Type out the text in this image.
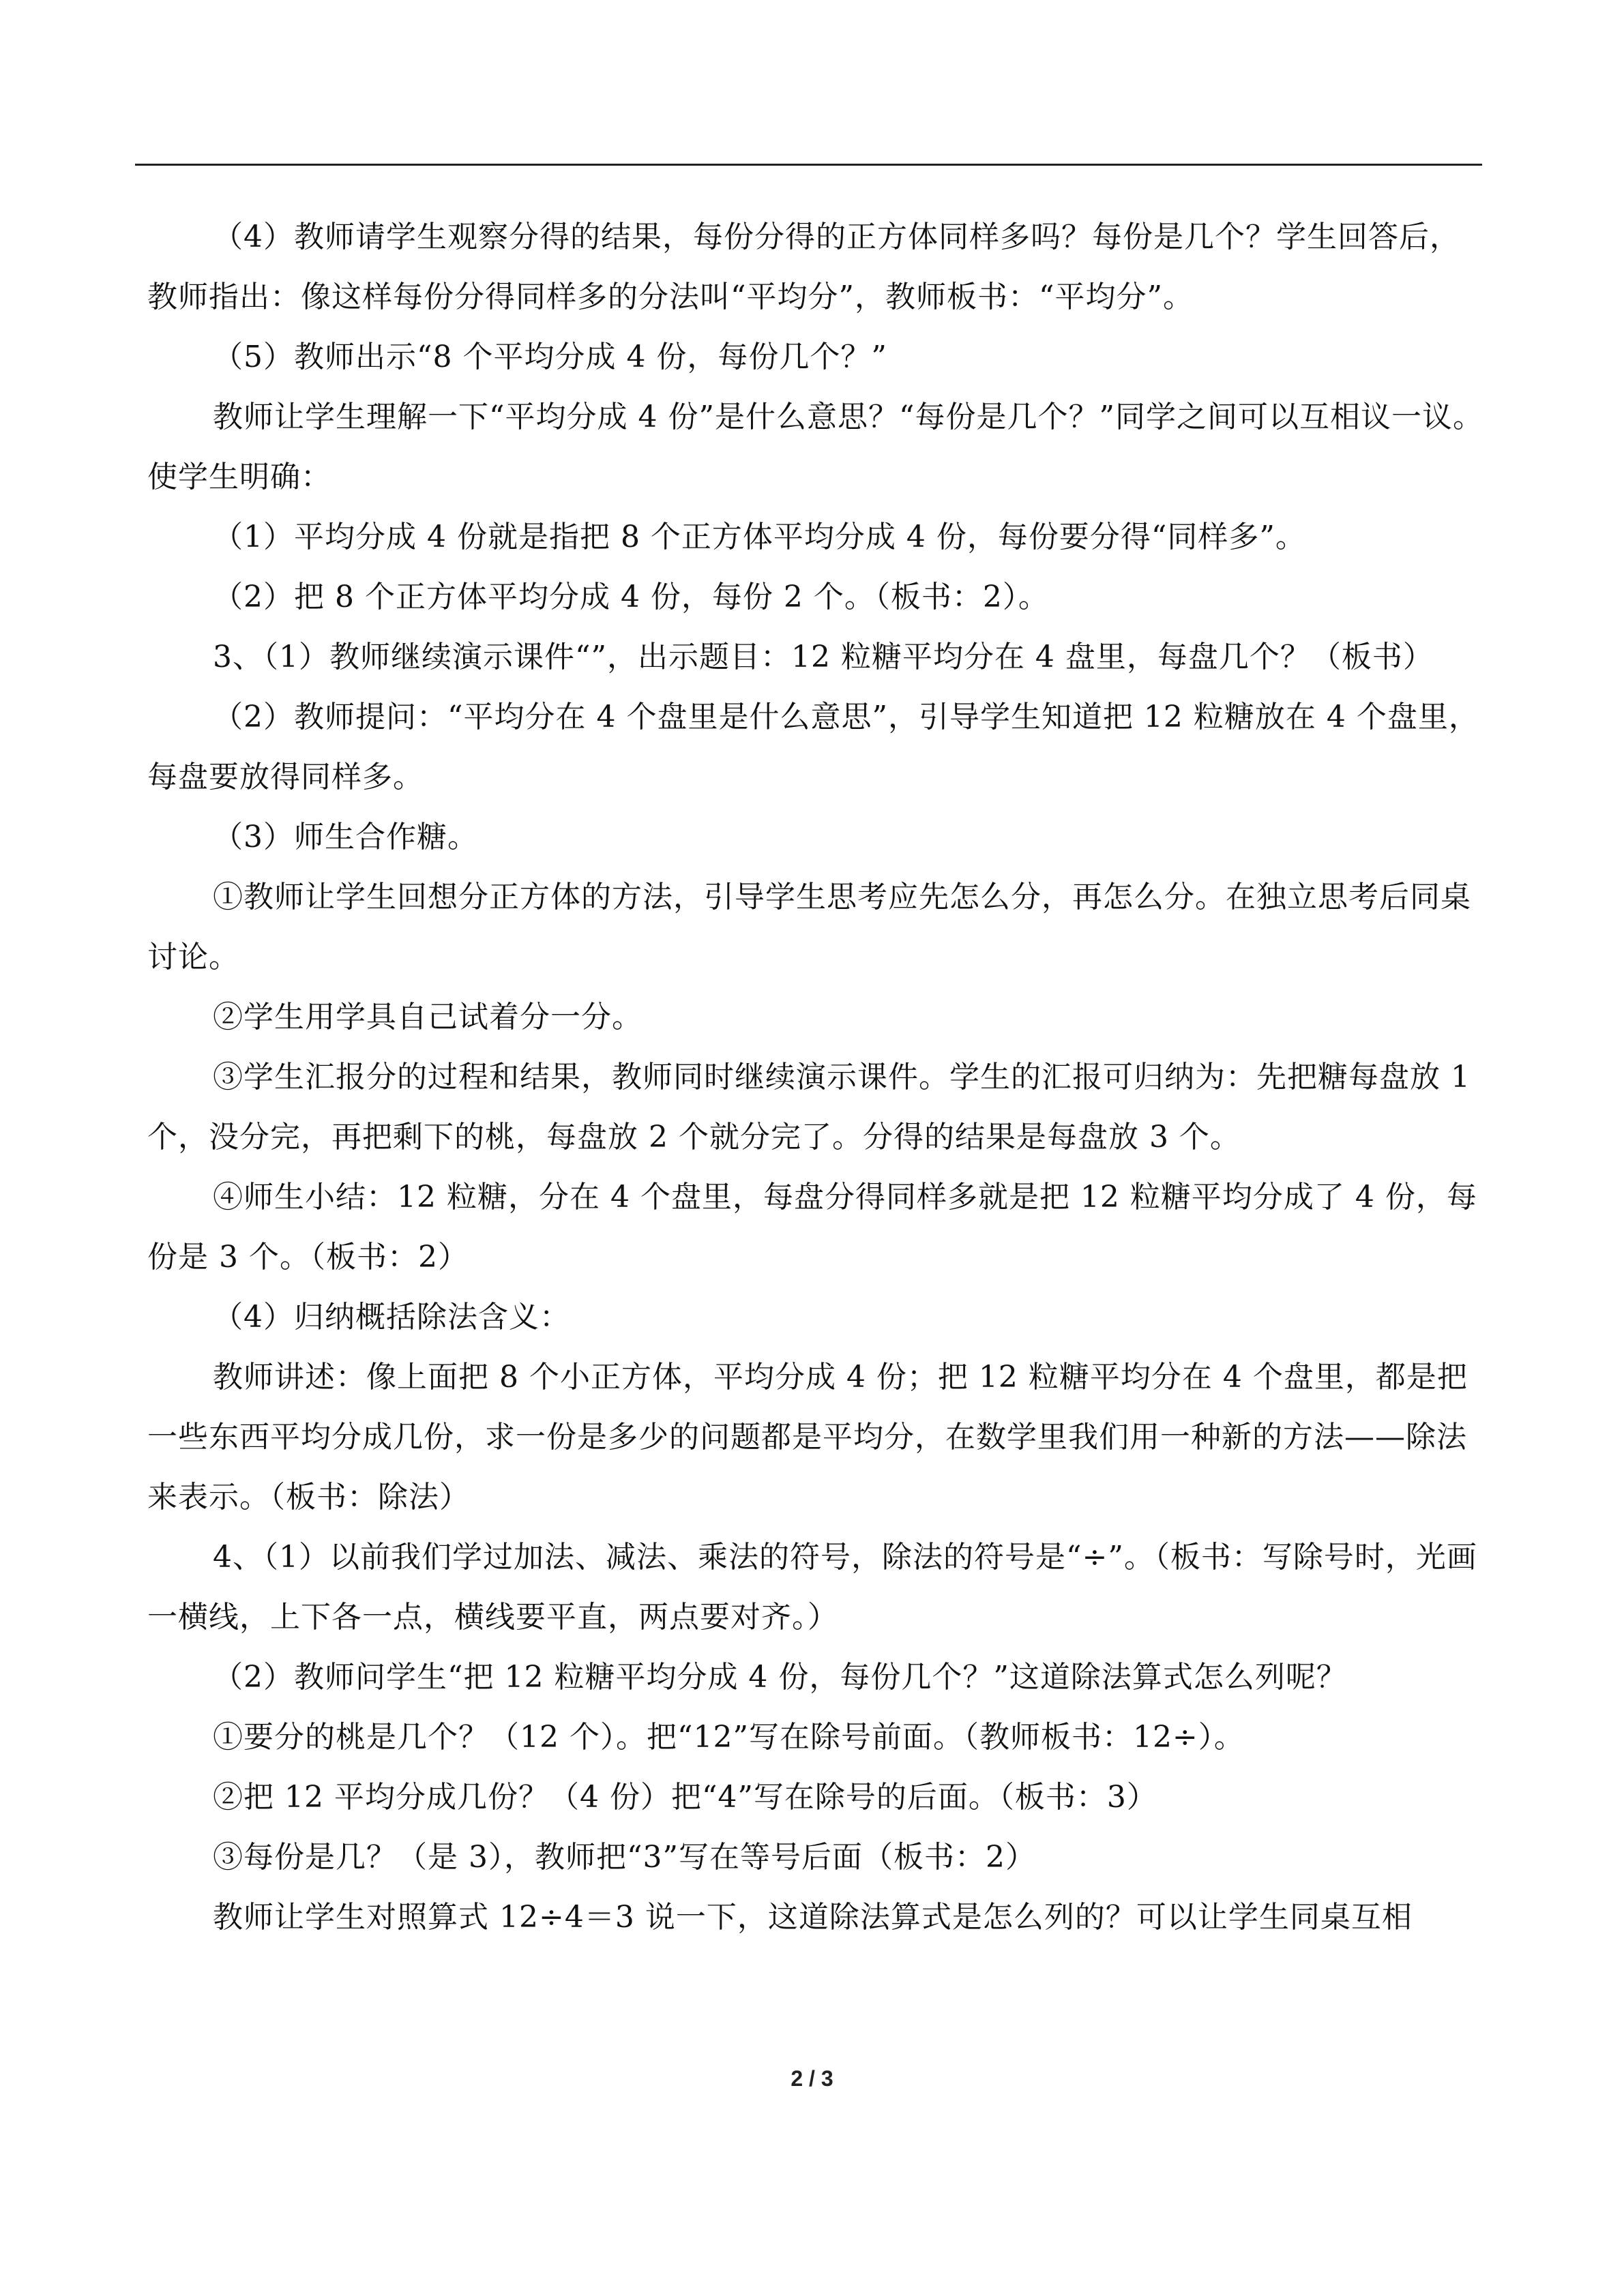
（4）教师请学生观察分得的结果，每份分得的正方体同样多吗？每份是几个？学生回答后，教师指出：像这样每份分得同样多的分法叫“平均分”，教师板书：“平均分”。

（5）教师出示“8 个平均分成 4 份，每份几个？”

教师让学生理解一下“平均分成 4 份”是什么意思？“每份是几个？”同学之间可以互相议一议。使学生明确：

（1）平均分成 4 份就是指把 8 个正方体平均分成 4 份，每份要分得“同样多”。

（2）把 8 个正方体平均分成 4 份，每份 2 个。（板书：2）。

3、（1）教师继续演示课件“”，出示题目：12 粒糖平均分在 4 盘里，每盘几个？（板书）

（2）教师提问：“平均分在 4 个盘里是什么意思”，引导学生知道把 12 粒糖放在 4 个盘里，每盘要放得同样多。

（3）师生合作糖。

①教师让学生回想分正方体的方法，引导学生思考应先怎么分，再怎么分。在独立思考后同桌讨论。

②学生用学具自己试着分一分。

③学生汇报分的过程和结果，教师同时继续演示课件。学生的汇报可归纳为：先把糖每盘放 1 个，没分完，再把剩下的桃，每盘放 2 个就分完了。分得的结果是每盘放 3 个。

④师生小结：12 粒糖，分在 4 个盘里，每盘分得同样多就是把 12 粒糖平均分成了 4 份，每份是 3 个。（板书：2）

（4）归纳概括除法含义：

教师讲述：像上面把 8 个小正方体，平均分成 4 份；把 12 粒糖平均分在 4 个盘里，都是把一些东西平均分成几份，求一份是多少的问题都是平均分，在数学里我们用一种新的方法——除法来表示。（板书：除法）

4、（1）以前我们学过加法、减法、乘法的符号，除法的符号是“÷”。（板书：写除号时，光画一横线，上下各一点，横线要平直，两点要对齐。）

（2）教师问学生“把 12 粒糖平均分成 4 份，每份几个？”这道除法算式怎么列呢？

①要分的桃是几个？（12 个）。把“12”写在除号前面。（教师板书：12÷）。

②把 12 平均分成几份？（4 份）把“4”写在除号的后面。（板书：3）

③每份是几？（是 3），教师把“3”写在等号后面（板书：2）

教师让学生对照算式 12÷4＝3 说一下，这道除法算式是怎么列的？可以让学生同桌互相

2 / 3
